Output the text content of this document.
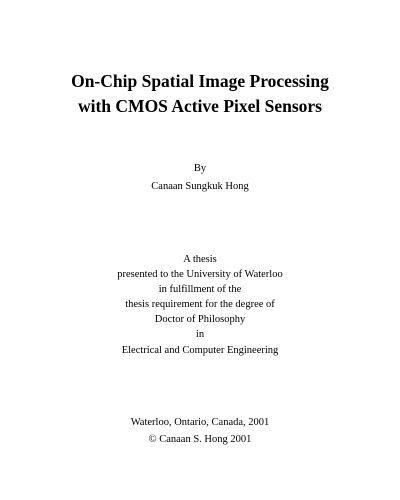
On-Chip Spatial Image Processing
with CMOS Active Pixel Sensors
By
Canaan Sungkuk Hong
A thesis
presented to the University of Waterloo
in fulfillment of the
thesis requirement for the degree of
Doctor of Philosophy
in
Electrical and Computer Engineering
Waterloo, Ontario, Canada, 2001
© Canaan S. Hong 2001
